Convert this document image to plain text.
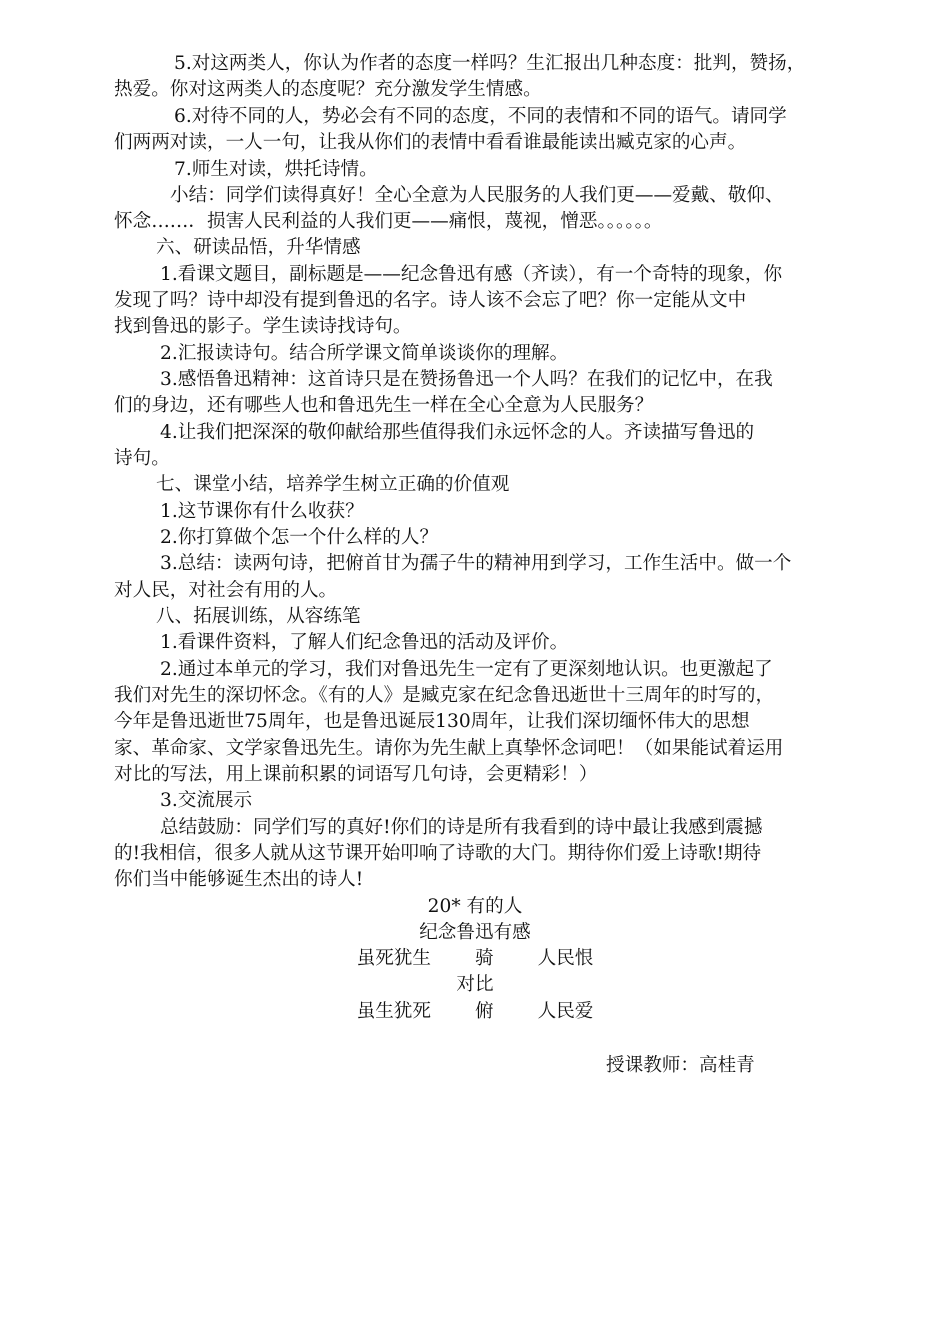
5.对这两类人，你认为作者的态度一样吗？生汇报出几种态度：批判，赞扬，
热爱。你对这两类人的态度呢？充分激发学生情感。
6.对待不同的人，势必会有不同的态度，不同的表情和不同的语气。请同学
们两两对读，一人一句，让我从你们的表情中看看谁最能读出臧克家的心声。
7.师生对读，烘托诗情。
小结：同学们读得真好！全心全意为人民服务的人我们更——爱戴、敬仰、
怀念……．损害人民利益的人我们更——痛恨，蔑视，憎恶。。。。。。
六、研读品悟，升华情感
1.看课文题目，副标题是——纪念鲁迅有感（齐读），有一个奇特的现象，你
发现了吗？诗中却没有提到鲁迅的名字。诗人该不会忘了吧？你一定能从文中
找到鲁迅的影子。学生读诗找诗句。
2.汇报读诗句。结合所学课文简单谈谈你的理解。
3.感悟鲁迅精神：这首诗只是在赞扬鲁迅一个人吗？在我们的记忆中，在我
们的身边，还有哪些人也和鲁迅先生一样在全心全意为人民服务？
4.让我们把深深的敬仰献给那些值得我们永远怀念的人。齐读描写鲁迅的
诗句。
七、课堂小结，培养学生树立正确的价值观
1.这节课你有什么收获？
2.你打算做个怎一个什么样的人？
3.总结：读两句诗，把俯首甘为孺子牛的精神用到学习，工作生活中。做一个
对人民，对社会有用的人。
八、拓展训练，从容练笔
1.看课件资料，了解人们纪念鲁迅的活动及评价。
2.通过本单元的学习，我们对鲁迅先生一定有了更深刻地认识。也更激起了
我们对先生的深切怀念。《有的人》是臧克家在纪念鲁迅逝世十三周年的时写的，
今年是鲁迅逝世75周年，也是鲁迅诞辰130周年，让我们深切缅怀伟大的思想
家、革命家、文学家鲁迅先生。请你为先生献上真挚怀念词吧！（如果能试着运用
对比的写法，用上课前积累的词语写几句诗，会更精彩！）
3.交流展示
总结鼓励：同学们写的真好!你们的诗是所有我看到的诗中最让我感到震撼
的!我相信，很多人就从这节课开始叩响了诗歌的大门。期待你们爱上诗歌!期待
你们当中能够诞生杰出的诗人!
20* 有的人
纪念鲁迅有感
虽死犹生 骑 人民恨
对比
虽生犹死 俯 人民爱
授课教师：高桂青
